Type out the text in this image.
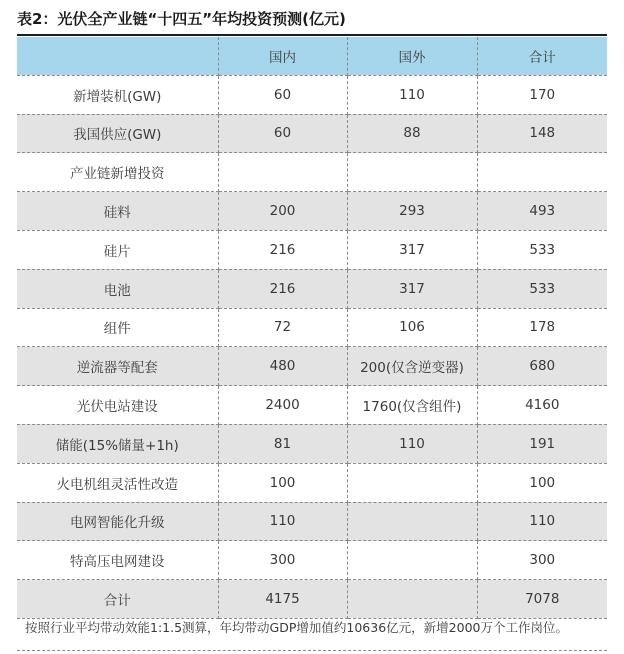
表2：光伏全产业链“十四五”年均投资预测(亿元)
	国内	国外	合计
新增装机(GW)	60	110	170
我国供应(GW)	60	88	148
产业链新增投资			
硅料	200	293	493
硅片	216	317	533
电池	216	317	533
组件	72	106	178
逆流器等配套	480	200(仅含逆变器)	680
光伏电站建设	2400	1760(仅含组件)	4160
储能(15%储量+1h)	81	110	191
火电机组灵活性改造	100		100
电网智能化升级	110		110
特高压电网建设	300		300
合计	4175		7078
按照行业平均带动效能1:1.5测算，年均带动GDP增加值约10636亿元，新增2000万个工作岗位。
